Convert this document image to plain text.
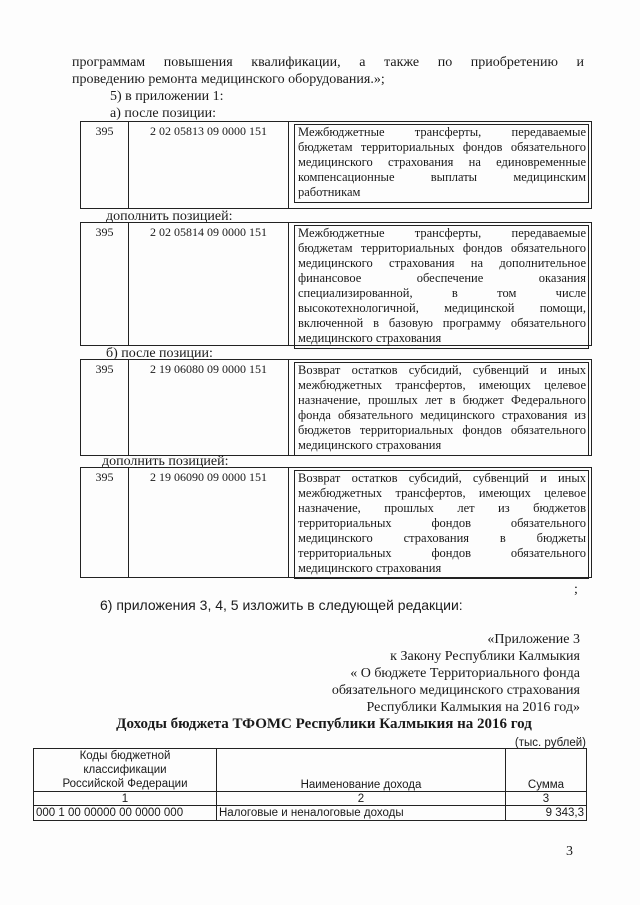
программам повышения квалификации, а также по приобретению и
проведению ремонта медицинского оборудования.»;
5) в приложении 1:
а) после позиции:
395	2 02 05813 09 0000 151	Межбюджетные трансферты, передаваемые
бюджетам территориальных фондов обязательного
медицинского страхования на единовременные
компенсационные выплаты медицинским
работникам
дополнить позицией:
395	2 02 05814 09 0000 151	Межбюджетные трансферты, передаваемые
бюджетам территориальных фондов обязательного
медицинского страхования на дополнительное
финансовое обеспечение оказания
специализированной, в том числе
высокотехнологичной, медицинской помощи,
включенной в базовую программу обязательного
медицинского страхования
б) после позиции:
395	2 19 06080 09 0000 151	Возврат остатков субсидий, субвенций и иных
межбюджетных трансфертов, имеющих целевое
назначение, прошлых лет в бюджет Федерального
фонда обязательного медицинского страхования из
бюджетов территориальных фондов обязательного
медицинского страхования
дополнить позицией:
395	2 19 06090 09 0000 151	Возврат остатков субсидий, субвенций и иных
межбюджетных трансфертов, имеющих целевое
назначение, прошлых лет из бюджетов
территориальных фондов обязательного
медицинского страхования в бюджеты
территориальных фондов обязательного
медицинского страхования
;
6) приложения 3, 4, 5 изложить в следующей редакции:
«Приложение 3
к Закону Республики Калмыкия
« О бюджете Территориального фонда
обязательного медицинского страхования
Республики Калмыкия на 2016 год»
Доходы бюджета ТФОМС Республики Калмыкия на 2016 год
(тыс. рублей)
Коды бюджетной
классификации
Российской Федерации	Наименование дохода	Сумма
1	2	3
000 1 00 00000 00 0000 000	Налоговые и неналоговые доходы	9 343,3
3
